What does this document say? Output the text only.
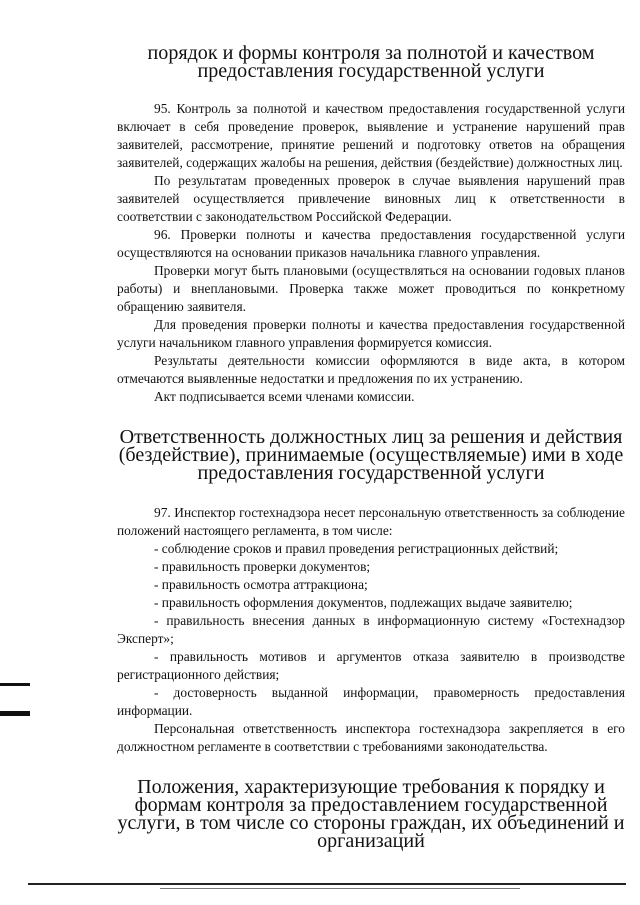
порядок и формы контроля за полнотой и качеством предоставления государственной услуги

95. Контроль за полнотой и качеством предоставления государственной услуги включает в себя проведение проверок, выявление и устранение нарушений прав заявителей, рассмотрение, принятие решений и подготовку ответов на обращения заявителей, содержащих жалобы на решения, действия (бездействие) должностных лиц.

По результатам проведенных проверок в случае выявления нарушений прав заявителей осуществляется привлечение виновных лиц к ответственности в соответствии с законодательством Российской Федерации.

96. Проверки полноты и качества предоставления государственной услуги осуществляются на основании приказов начальника главного управления.

Проверки могут быть плановыми (осуществляться на основании годовых планов работы) и внеплановыми. Проверка также может проводиться по конкретному обращению заявителя.

Для проведения проверки полноты и качества предоставления государственной услуги начальником главного управления формируется комиссия.

Результаты деятельности комиссии оформляются в виде акта, в котором отмечаются выявленные недостатки и предложения по их устранению.

Акт подписывается всеми членами комиссии.

Ответственность должностных лиц за решения и действия (бездействие), принимаемые (осуществляемые) ими в ходе предоставления государственной услуги

97. Инспектор гостехнадзора несет персональную ответственность за соблюдение положений настоящего регламента, в том числе:

- соблюдение сроков и правил проведения регистрационных действий;

- правильность проверки документов;

- правильность осмотра аттракциона;

- правильность оформления документов, подлежащих выдаче заявителю;

- правильность внесения данных в информационную систему «Гостехнадзор Эксперт»;

- правильность мотивов и аргументов отказа заявителю в производстве регистрационного действия;

- достоверность выданной информации, правомерность предоставления информации.

Персональная ответственность инспектора гостехнадзора закрепляется в его должностном регламенте в соответствии с требованиями законодательства.

Положения, характеризующие требования к порядку и формам контроля за предоставлением государственной услуги, в том числе со стороны граждан, их объединений и организаций
